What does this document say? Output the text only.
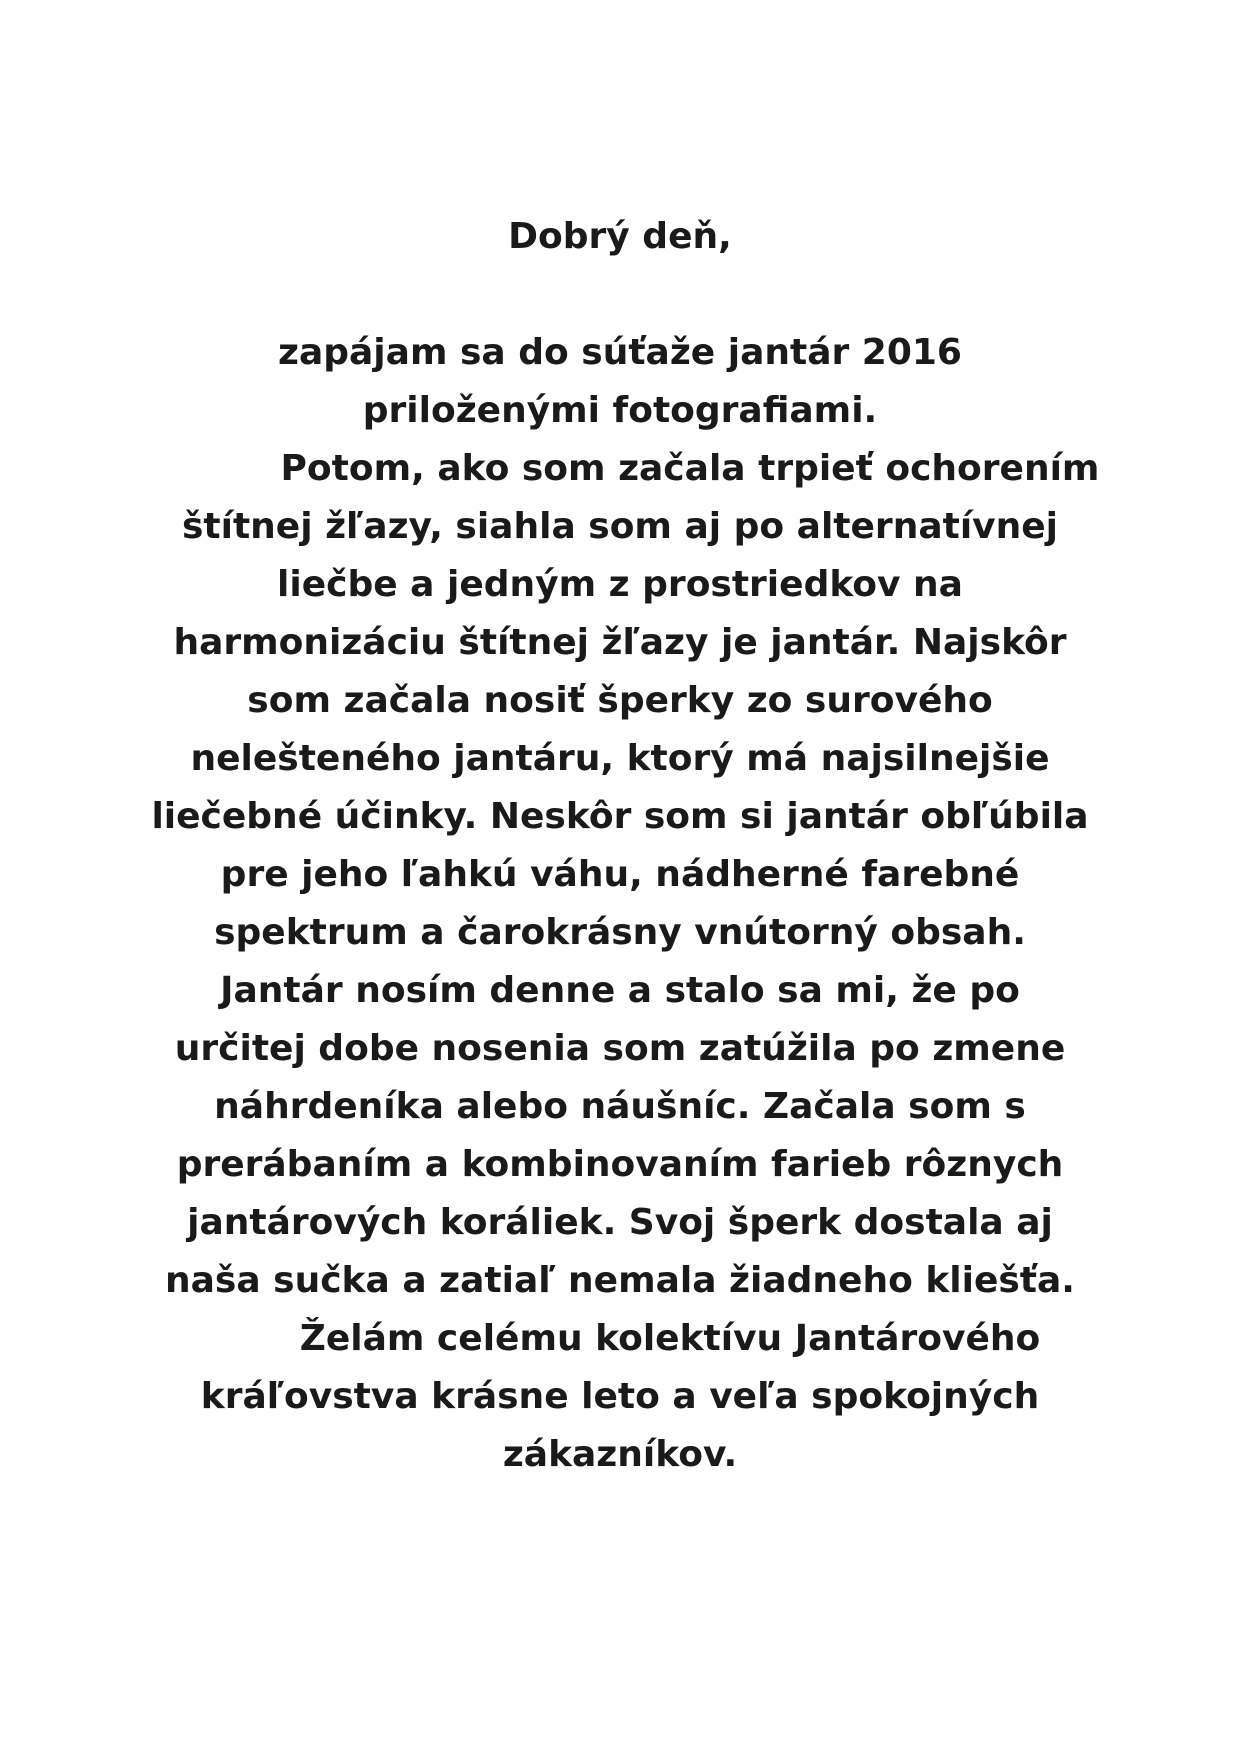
Dobrý deň,

zapájam sa do súťaže jantár 2016

priloženými fotografiami.

Potom, ako som začala trpieť ochorením

štítnej žľazy, siahla som aj po alternatívnej

liečbe a jedným z prostriedkov na

harmonizáciu štítnej žľazy je jantár. Najskôr

som začala nosiť šperky zo surového

nelešteného jantáru, ktorý má najsilnejšie

liečebné účinky. Neskôr som si jantár obľúbila

pre jeho ľahkú váhu, nádherné farebné

spektrum a čarokrásny vnútorný obsah.

Jantár nosím denne a stalo sa mi, že po

určitej dobe nosenia som zatúžila po zmene

náhrdeníka alebo náušníc. Začala som s

prerábaním a kombinovaním farieb rôznych

jantárových koráliek. Svoj šperk dostala aj

naša sučka a zatiaľ nemala žiadneho kliešťa.

Želám celému kolektívu Jantárového

kráľovstva krásne leto a veľa spokojných

zákazníkov.
